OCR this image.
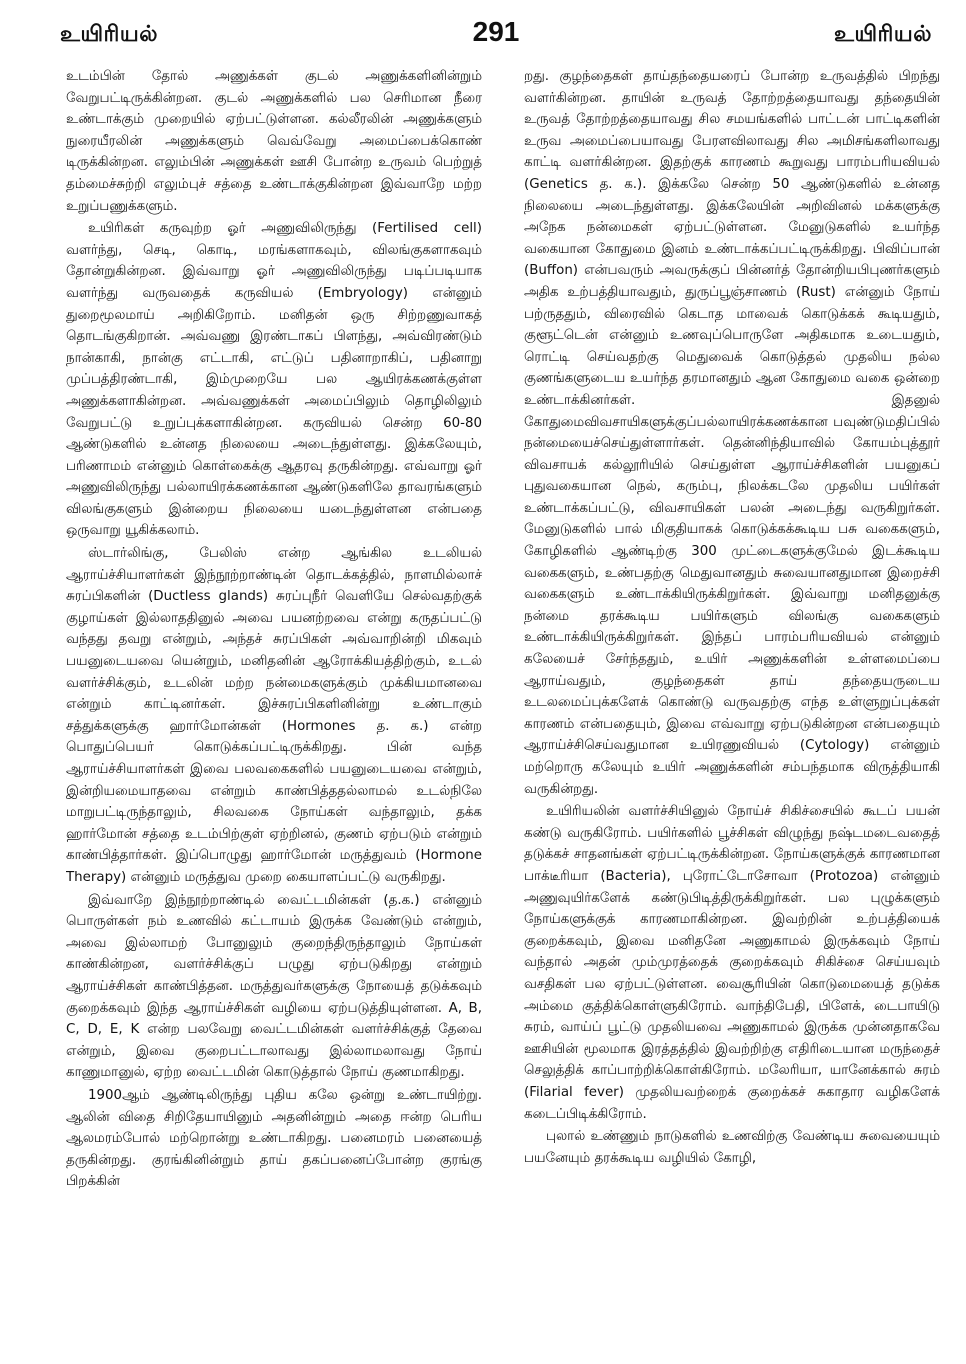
உயிரியல்	291	உயிரியல்

உடம்பின் தோல் அணுக்கள் குடல் அணுக்களினின்றும் வேறுபட்டிருக்கின்றன. குடல் அணுக்களில் பல செரிமான நீரை உண்டாக்கும் முறையில் ஏற்பட்டுள்ளன. கல்லீரலின் அணுக்களும் நுரையீரலின் அணுக்களும் வெவ்வேறு அமைப்பைக்கொண் டிருக்கின்றன. எலும்பின் அணுக்கள் ஊசி போன்ற உருவம் பெற்றுத் தம்மைச்சுற்றி எலும்புச் சத்தை உண்டாக்குகின்றன இவ்வாறே மற்ற உறுப்பணுக்களும்.

உயிரிகள் கருவுற்ற ஓர் அணுவிலிருந்து (Fertilised cell) வளர்ந்து, செடி, கொடி, மரங்களாகவும், விலங்குகளாகவும் தோன்றுகின்றன. இவ்வாறு ஓர் அணுவிலிருந்து படிப்படியாக வளர்ந்து வருவதைக் கருவியல் (Embryology) என்னும் துறைமூலமாய் அறிகிறோம். மனிதன் ஒரு சிற்றணுவாகத் தொடங்குகிறான். அவ்வணு இரண்டாகப் பிளந்து, அவ்விரண்டும் நான்காகி, நான்கு எட்டாகி, எட்டுப் பதினாறாகிப், பதினாறு முப்பத்திரண்டாகி, இம்முறையே பல ஆயிரக்கணக்குள்ள அணுக்களாகின்றன. அவ்வணுக்கள் அமைப்பிலும் தொழிலிலும் வேறுபட்டு உறுப்புக்களாகின்றன. கருவியல் சென்ற 60-80 ஆண்டுகளில் உன்னத நிலையை அடைந்துள்ளது. இக்கலேயும், பரிணாமம் என்னும் கொள்கைக்கு ஆதரவு தருகின்றது. எவ்வாறு ஓர் அணுவிலிருந்து பல்லாயிரக்கணக்கான ஆண்டுகளிலே தாவரங்களும் விலங்குகளும் இன்றைய நிலையை யடைந்துள்ளன என்பதை ஒருவாறு யூகிக்கலாம்.

ஸ்டார்லிங்கு, பேலிஸ் என்ற ஆங்கில உடலியல் ஆராய்ச்சியாளர்கள் இந்நூற்றாண்டின் தொடக்கத்தில், நாளமில்லாச் சுரப்பிகளின் (Ductless glands) சுரப்புநீர் வெளியே செல்வதற்குக் குழாய்கள் இல்லாததினுல் அவை பயனற்றவை என்று கருதப்பட்டு வந்தது தவறு என்றும், அந்தச் சுரப்பிகள் அவ்வாறின்றி மிகவும் பயனுடையவை யென்றும், மனிதனின் ஆரோக்கியத்திற்கும், உடல் வளர்ச்சிக்கும், உடலின் மற்ற நன்மைகளுக்கும் முக்கியமானவை என்றும் காட்டினர்கள். இச்சுரப்பிகளினின்று உண்டாகும் சத்துக்களுக்கு ஹார்மோன்கள் (Hormones த. க.) என்ற பொதுப்பெயர் கொடுக்கப்பட்டிருக்கிறது. பின் வந்த ஆராய்ச்சியாளர்கள் இவை பலவகைகளில் பயனுடையவை என்றும், இன்றியமையாதவை என்றும் காண்பித்ததல்லாமல் உடல்நிலே மாறுபட்டிருந்தாலும், சிலவகை நோய்கள் வந்தாலும், தக்க ஹார்மோன் சத்தை உடம்பிற்குள் ஏற்றினல், குணம் ஏற்படும் என்றும் காண்பித்தார்கள். இப்பொழுது ஹார்மோன் மருத்துவம் (Hormone Therapy) என்னும் மருத்துவ முறை கையாளப்பட்டு வருகிறது.

இவ்வாறே இந்நூற்றாண்டில் வைட்டமின்கள் (த.க.) என்னும் பொருள்கள் நம் உணவில் கட்டாயம் இருக்க வேண்டும் என்றும், அவை இல்லாமற் போனுலும் குறைந்திருந்தாலும் நோய்கள் காண்கின்றன, வளர்ச்சிக்குப் பழுது ஏற்படுகிறது என்றும் ஆராய்ச்சிகள் காண்பித்தன. மருத்துவர்களுக்கு நோயைத் தடுக்கவும் குறைக்கவும் இந்த ஆராய்ச்சிகள் வழியை ஏற்படுத்தியுள்ளன. A, B, C, D, E, K என்ற பலவேறு வைட்டமின்கள் வளர்ச்சிக்குத் தேவை என்றும், இவை குறைபட்டாலாவது இல்லாமலாவது நோய் காணுமானுல், ஏற்ற வைட்டமின் கொடுத்தால் நோய் குணமாகிறது.

1900ஆம் ஆண்டிலிருந்து புதிய கலே ஒன்று உண்டாயிற்று. ஆலின் விதை சிறிதேயாயினும் அதனின்றும் அதை ஈன்ற பெரிய ஆலமரம்போல் மற்றொன்று உண்டாகிறது. பனைமரம் பனையைத் தருகின்றது. குரங்கினின்றும் தாய் தகப்பனைப்போன்ற குரங்கு பிறக்கின்

றது. குழந்தைகள் தாய்தந்தையரைப் போன்ற உருவத்தில் பிறந்து வளர்கின்றன. தாயின் உருவத் தோற்றத்தையாவது தந்தையின் உருவத் தோற்றத்தையாவது சில சமயங்களில் பாட்டன் பாட்டிகளின் உருவ அமைப்பையாவது பேரளவிலாவது சில அமிசங்களிலாவது காட்டி வளர்கின்றன. இதற்குக் காரணம் கூறுவது பாரம்பரியவியல் (Genetics த. க.). இக்கலே சென்ற 50 ஆண்டுகளில் உன்னத நிலையை அடைந்துள்ளது. இக்கலேயின் அறிவினல் மக்களுக்கு அநேக நன்மைகள் ஏற்பட்டுள்ளன. மேனுடுகளில் உயர்ந்த வகையான கோதுமை இனம் உண்டாக்கப்பட்டிருக்கிறது. பிவிப்பான் (Buffon) என்பவரும் அவருக்குப் பின்னர்த் தோன்றியபிபுணர்களும் அதிக உற்பத்தியாவதும், துருப்பூஞ்சாணம் (Rust) என்னும் நோய் பற்ருததும், விரைவில் கெடாத மாவைக் கொடுக்கக் கூடியதும், குளூட்டென் என்னும் உணவுப்பொருளே அதிகமாக உடையதும், ரொட்டி செய்வதற்கு மெதுவைக் கொடுத்தல் முதலிய நல்ல குணங்களுடைய உயர்ந்த தரமானதும் ஆன கோதுமை வகை ஒன்றை உண்டாக்கினர்கள். இதனுல் கோதுமைவிவசாயிகளுக்குப்பல்லாயிரக்கணக்கான பவுண்டுமதிப்பில் நன்மையைச்செய்துள்ளார்கள். தென்னிந்தியாவில் கோயம்புத்தூர் விவசாயக் கல்லூரியில் செய்துள்ள ஆராய்ச்சிகளின் பயனுகப் புதுவகையான நெல், கரும்பு, நிலக்கடலே முதலிய பயிர்கள் உண்டாக்கப்பட்டு, விவசாயிகள் பலன் அடைந்து வருகிறுர்கள். மேனுடுகளில் பால் மிகுதியாகக் கொடுக்கக்கூடிய பசு வகைகளும், கோழிகளில் ஆண்டிற்கு 300 முட்டைகளுக்குமேல் இடக்கூடிய வகைகளும், உண்பதற்கு மெதுவானதும் சுவையானதுமான இறைச்சி வகைகளும் உண்டாக்கியிருக்கிறுர்கள். இவ்வாறு மனிதனுக்கு நன்மை தரக்கூடிய பயிர்களும் விலங்கு வகைகளும் உண்டாக்கியிருக்கிறுர்கள். இந்தப் பாரம்பரியவியல் என்னும் கலேயைச் சேர்ந்ததும், உயிர் அணுக்களின் உள்ளமைப்பை ஆராய்வதும், குழந்தைகள் தாய் தந்தையருடைய உடலமைப்புக்களேக் கொண்டு வருவதற்கு எந்த உள்ளுறுப்புக்கள் காரணம் என்பதையும், இவை எவ்வாறு ஏற்படுகின்றன என்பதையும் ஆராய்ச்சிசெய்வதுமான உயிரணுவியல் (Cytology) என்னும் மற்றொரு கலேயும் உயிர் அணுக்களின் சம்பந்தமாக விருத்தியாகி வருகின்றது.

உயிரியலின் வளர்ச்சியினுல் நோய்ச் சிகிச்சையில் கூடப் பயன் கண்டு வருகிரோம். பயிர்களில் பூச்சிகள் விழுந்து நஷ்டமடைவதைத் தடுக்கச் சாதனங்கள் ஏற்பட்டிருக்கின்றன. நோய்களுக்குக் காரணமான பாக்டீரியா (Bacteria), புரோட்டோசோவா (Protozoa) என்னும் அணுவுயிர்களேக் கண்டுபிடித்திருக்கிறுர்கள். பல புழுக்களும் நோய்களுக்குக் காரணமாகின்றன. இவற்றின் உற்பத்தியைக் குறைக்கவும், இவை மனிதனே அணுகாமல் இருக்கவும் நோய் வந்தால் அதன் மும்முரத்தைக் குறைக்கவும் சிகிச்சை செய்யவும் வசதிகள் பல ஏற்பட்டுள்ளன. வைசூரியின் கொடுமையைத் தடுக்க அம்மை குத்திக்கொள்ளுகிரோம். வாந்திபேதி, பிளேக், டைபாயிடு சுரம், வாய்ப் பூட்டு முதலியவை அணுகாமல் இருக்க முன்னதாகவே ஊசியின் மூலமாக இரத்தத்தில் இவற்றிற்கு எதிரிடையான மருந்தைச் செலுத்திக் காப்பாற்றிக்கொள்கிரோம். மலேரியா, யானேக்கால் சுரம் (Filarial fever) முதலியவற்றைக் குறைக்கச் சுகாதார வழிகளேக் கடைப்பிடிக்கிரோம்.

புலால் உண்ணும் நாடுகளில் உணவிற்கு வேண்டிய சுவையையும் பயனேயும் தரக்கூடிய வழியில் கோழி,
